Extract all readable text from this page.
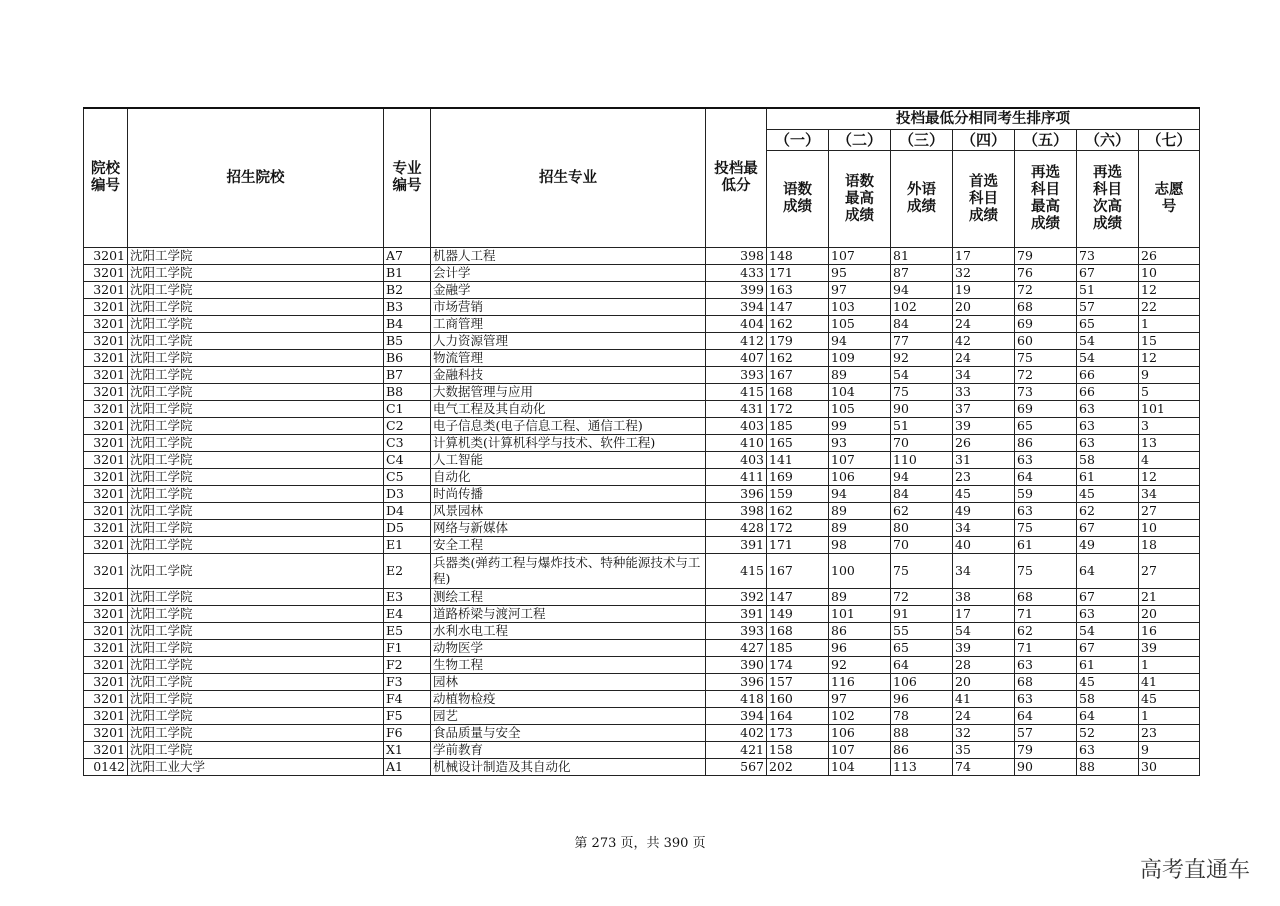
院校编号	招生院校	专业编号	招生专业	投档最低分	投档最低分相同考生排序项						
					（一）	（二）	（三）	（四）	（五）	（六）	（七）
					语数成绩	语数最高成绩	外语成绩	首选科目成绩	再选科目最高成绩	再选科目次高成绩	志愿号
3201	沈阳工学院	A7	机器人工程	398	148	107	81	17	79	73	26
3201	沈阳工学院	B1	会计学	433	171	95	87	32	76	67	10
3201	沈阳工学院	B2	金融学	399	163	97	94	19	72	51	12
3201	沈阳工学院	B3	市场营销	394	147	103	102	20	68	57	22
3201	沈阳工学院	B4	工商管理	404	162	105	84	24	69	65	1
3201	沈阳工学院	B5	人力资源管理	412	179	94	77	42	60	54	15
3201	沈阳工学院	B6	物流管理	407	162	109	92	24	75	54	12
3201	沈阳工学院	B7	金融科技	393	167	89	54	34	72	66	9
3201	沈阳工学院	B8	大数据管理与应用	415	168	104	75	33	73	66	5
3201	沈阳工学院	C1	电气工程及其自动化	431	172	105	90	37	69	63	101
3201	沈阳工学院	C2	电子信息类(电子信息工程、通信工程)	403	185	99	51	39	65	63	3
3201	沈阳工学院	C3	计算机类(计算机科学与技术、软件工程)	410	165	93	70	26	86	63	13
3201	沈阳工学院	C4	人工智能	403	141	107	110	31	63	58	4
3201	沈阳工学院	C5	自动化	411	169	106	94	23	64	61	12
3201	沈阳工学院	D3	时尚传播	396	159	94	84	45	59	45	34
3201	沈阳工学院	D4	风景园林	398	162	89	62	49	63	62	27
3201	沈阳工学院	D5	网络与新媒体	428	172	89	80	34	75	67	10
3201	沈阳工学院	E1	安全工程	391	171	98	70	40	61	49	18
3201	沈阳工学院	E2	兵器类(弹药工程与爆炸技术、特种能源技术与工程)	415	167	100	75	34	75	64	27
3201	沈阳工学院	E3	测绘工程	392	147	89	72	38	68	67	21
3201	沈阳工学院	E4	道路桥梁与渡河工程	391	149	101	91	17	71	63	20
3201	沈阳工学院	E5	水利水电工程	393	168	86	55	54	62	54	16
3201	沈阳工学院	F1	动物医学	427	185	96	65	39	71	67	39
3201	沈阳工学院	F2	生物工程	390	174	92	64	28	63	61	1
3201	沈阳工学院	F3	园林	396	157	116	106	20	68	45	41
3201	沈阳工学院	F4	动植物检疫	418	160	97	96	41	63	58	45
3201	沈阳工学院	F5	园艺	394	164	102	78	24	64	64	1
3201	沈阳工学院	F6	食品质量与安全	402	173	106	88	32	57	52	23
3201	沈阳工学院	X1	学前教育	421	158	107	86	35	79	63	9
0142	沈阳工业大学	A1	机械设计制造及其自动化	567	202	104	113	74	90	88	30
第 273 页，共 390 页
高考直通车
